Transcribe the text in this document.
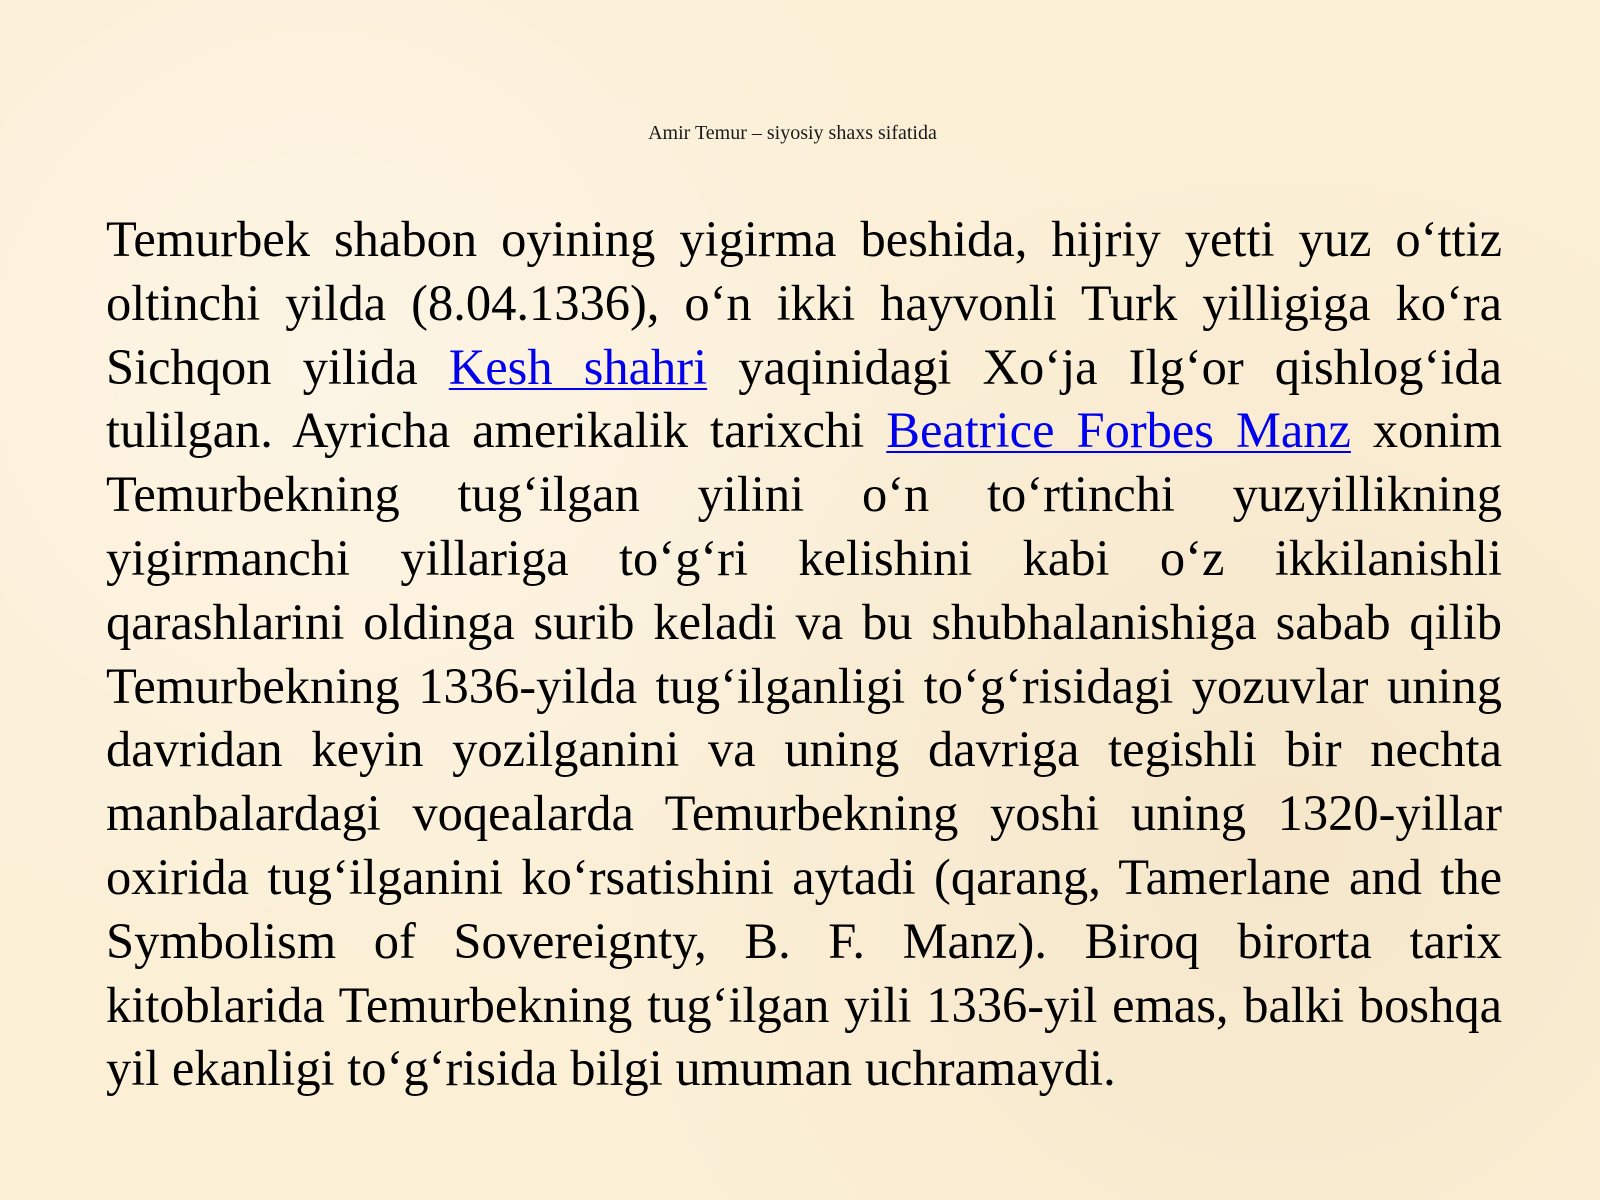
Amir Temur – siyosiy shaxs sifatida
Temurbek shabon oyining yigirma beshida, hijriy yetti yuz o‘ttiz oltinchi yilda (8.04.1336), o‘n ikki hayvonli Turk yilligiga ko‘ra Sichqon yilida Kesh shahri yaqinidagi Xo‘ja Ilg‘or qishlog‘ida tulilgan. Ayricha amerikalik tarixchi Beatrice Forbes Manz xonim Temurbekning tug‘ilgan yilini o‘n to‘rtinchi yuzyillikning yigirmanchi yillariga to‘g‘ri kelishini kabi o‘z ikkilanishli qarashlarini oldinga surib keladi va bu shubhalanishiga sabab qilib Temurbekning 1336-yilda tug‘ilganligi to‘g‘risidagi yozuvlar uning davridan keyin yozilganini va uning davriga tegishli bir nechta manbalardagi voqealarda Temurbekning yoshi uning 1320-yillar oxirida tug‘ilganini ko‘rsatishini aytadi (qarang, Tamerlane and the Symbolism of Sovereignty, B. F. Manz). Biroq birorta tarix kitoblarida Temurbekning tug‘ilgan yili 1336-yil emas, balki boshqa yil ekanligi to‘g‘risida bilgi umuman uchramaydi.
